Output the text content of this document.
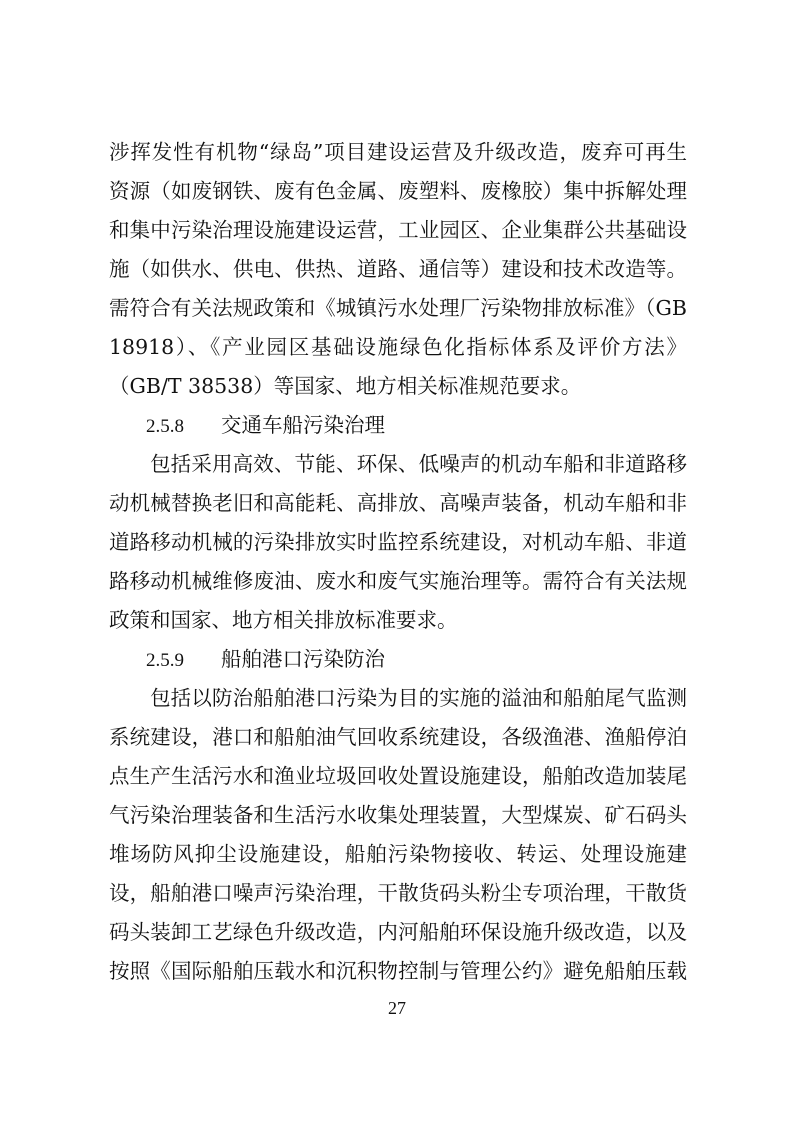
涉挥发性有机物“绿岛”项目建设运营及升级改造，废弃可再生
资源（如废钢铁、废有色金属、废塑料、废橡胶）集中拆解处理
和集中污染治理设施建设运营，工业园区、企业集群公共基础设
施（如供水、供电、供热、道路、通信等）建设和技术改造等。
需符合有关法规政策和《城镇污水处理厂污染物排放标准》（GB
18918）、《产业园区基础设施绿色化指标体系及评价方法》
（GB/T 38538）等国家、地方相关标准规范要求。
2.5.8 交通车船污染治理
包括采用高效、节能、环保、低噪声的机动车船和非道路移
动机械替换老旧和高能耗、高排放、高噪声装备，机动车船和非
道路移动机械的污染排放实时监控系统建设，对机动车船、非道
路移动机械维修废油、废水和废气实施治理等。需符合有关法规
政策和国家、地方相关排放标准要求。
2.5.9 船舶港口污染防治
包括以防治船舶港口污染为目的实施的溢油和船舶尾气监测
系统建设，港口和船舶油气回收系统建设，各级渔港、渔船停泊
点生产生活污水和渔业垃圾回收处置设施建设，船舶改造加装尾
气污染治理装备和生活污水收集处理装置，大型煤炭、矿石码头
堆场防风抑尘设施建设，船舶污染物接收、转运、处理设施建
设，船舶港口噪声污染治理，干散货码头粉尘专项治理，干散货
码头装卸工艺绿色升级改造，内河船舶环保设施升级改造，以及
按照《国际船舶压载水和沉积物控制与管理公约》避免船舶压载
27
